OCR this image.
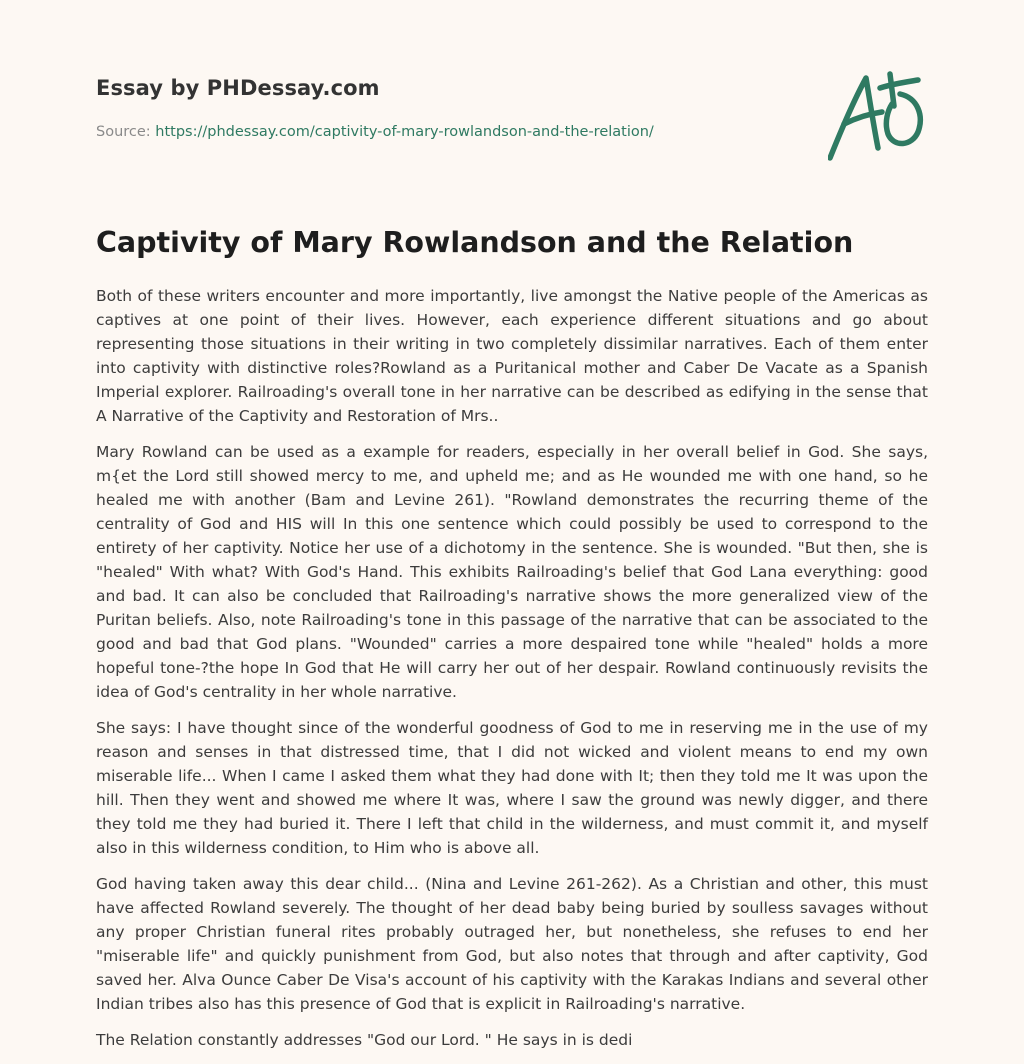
Essay by PHDessay.com
Source: https://phdessay.com/captivity-of-mary-rowlandson-and-the-relation/
Captivity of Mary Rowlandson and the Relation

Both of these writers encounter and more importantly, live amongst the Native people of the Americas as captives at one point of their lives. However, each experience different situations and go about representing those situations in their writing in two completely dissimilar narratives. Each of them enter into captivity with distinctive roles?Rowland as a Puritanical mother and Caber De Vacate as a Spanish Imperial explorer. Railroading's overall tone in her narrative can be described as edifying in the sense that A Narrative of the Captivity and Restoration of Mrs..

Mary Rowland can be used as a example for readers, especially in her overall belief in God. She says, m{et the Lord still showed mercy to me, and upheld me; and as He wounded me with one hand, so he healed me with another (Bam and Levine 261). "Rowland demonstrates the recurring theme of the centrality of God and HIS will In this one sentence which could possibly be used to correspond to the entirety of her captivity. Notice her use of a dichotomy in the sentence. She is wounded. "But then, she is "healed" With what? With God's Hand. This exhibits Railroading's belief that God Lana everything: good and bad. It can also be concluded that Railroading's narrative shows the more generalized view of the Puritan beliefs. Also, note Railroading's tone in this passage of the narrative that can be associated to the good and bad that God plans. "Wounded" carries a more despaired tone while "healed" holds a more hopeful tone-?the hope In God that He will carry her out of her despair. Rowland continuously revisits the idea of God's centrality in her whole narrative.

She says: I have thought since of the wonderful goodness of God to me in reserving me in the use of my reason and senses in that distressed time, that I did not wicked and violent means to end my own miserable life... When I came I asked them what they had done with It; then they told me It was upon the hill. Then they went and showed me where It was, where I saw the ground was newly digger, and there they told me they had buried it. There I left that child in the wilderness, and must commit it, and myself also in this wilderness condition, to Him who is above all.

God having taken away this dear child... (Nina and Levine 261-262). As a Christian and other, this must have affected Rowland severely. The thought of her dead baby being buried by soulless savages without any proper Christian funeral rites probably outraged her, but nonetheless, she refuses to end her "miserable life" and quickly punishment from God, but also notes that through and after captivity, God saved her. Alva Ounce Caber De Visa's account of his captivity with the Karakas Indians and several other Indian tribes also has this presence of God that is explicit in Railroading's narrative.

The Relation constantly addresses "God our Lord. " He says in is dedi
